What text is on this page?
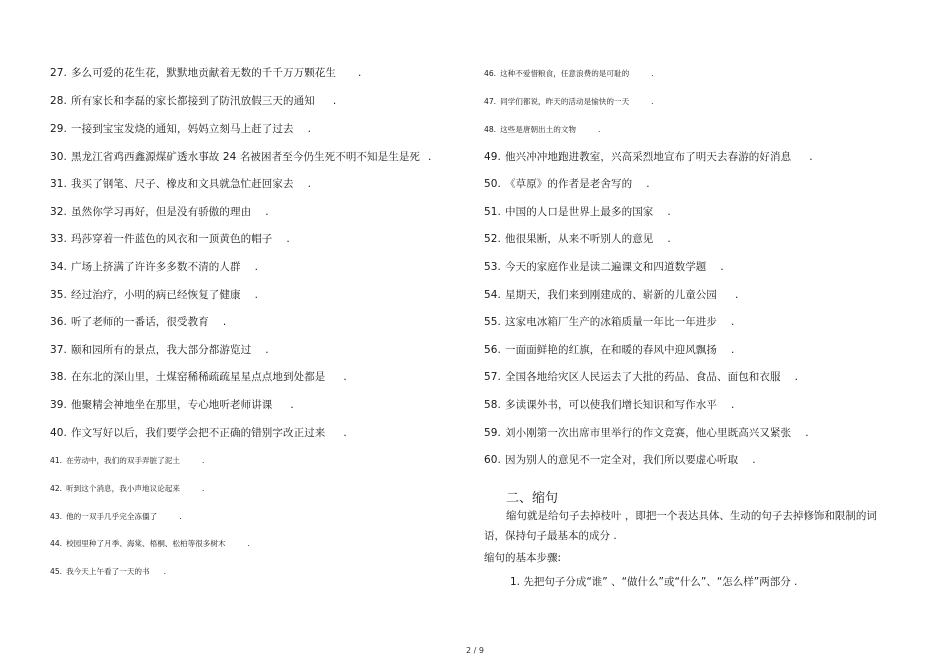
27. 多么可爱的花生花，默默地贡献着无数的千千万万颗花生 .
28. 所有家长和李磊的家长都接到了防汛放假三天的通知 .
29. 一接到宝宝发烧的通知，妈妈立刻马上赶了过去 .
30. 黑龙江省鸡西鑫源煤矿透水事故 24 名被困者至今仍生死不明不知是生是死 .
31. 我买了钢笔、尺子、橡皮和文具就急忙赶回家去 .
32. 虽然你学习再好，但是没有骄傲的理由 .
33. 玛莎穿着一件蓝色的风衣和一顶黄色的帽子 .
34. 广场上挤满了许许多多数不清的人群 .
35. 经过治疗，小明的病已经恢复了健康 .
36. 听了老师的一番话，很受教育 .
37. 颐和园所有的景点，我大部分都游览过 .
38. 在东北的深山里，土煤窑稀稀疏疏星星点点地到处都是 .
39. 他聚精会神地坐在那里，专心地听老师讲课 .
40. 作文写好以后，我们要学会把不正确的错别字改正过来 .
41. 在劳动中，我们的双手弄脏了泥土	.
42. 听到这个消息，我小声地议论起来	.
43. 他的一双手几乎完全冻僵了	.
44. 校园里种了月季、海棠、梧桐、松柏等很多树木	.
45. 我今天上午看了一天的书 .
46. 这种不爱惜粮食，任意浪费的是可耻的	.
47. 同学们都说，昨天的活动是愉快的一天	.
48. 这些是唐朝出土的文物	.
49. 他兴冲冲地跑进教室，兴高采烈地宣布了明天去春游的好消息 .
50. 《草原》的作者是老舍写的 .
51. 中国的人口是世界上最多的国家 .
52. 他很果断，从来不听别人的意见 .
53. 今天的家庭作业是读二遍课文和四道数学题 .
54. 星期天，我们来到刚建成的、崭新的儿童公园 .
55. 这家电冰箱厂生产的冰箱质量一年比一年进步 .
56. 一面面鲜艳的红旗，在和暖的春风中迎风飘扬 .
57. 全国各地给灾区人民运去了大批的药品、食品、面包和衣服 .
58. 多读课外书，可以使我们增长知识和写作水平 .
59. 刘小刚第一次出席市里举行的作文竞赛，他心里既高兴又紧张 .
60. 因为别人的意见不一定全对，我们所以要虚心听取 .
二、缩句
缩句就是给句子去掉枝叶 ，即把一个表达具体、生动的句子去掉修饰和限制的词
语，保持句子最基本的成分 .
缩句的基本步骤:
1. 先把句子分成“谁” 、“做什么”或“什么”、“怎么样”两部分 .
2 / 9
